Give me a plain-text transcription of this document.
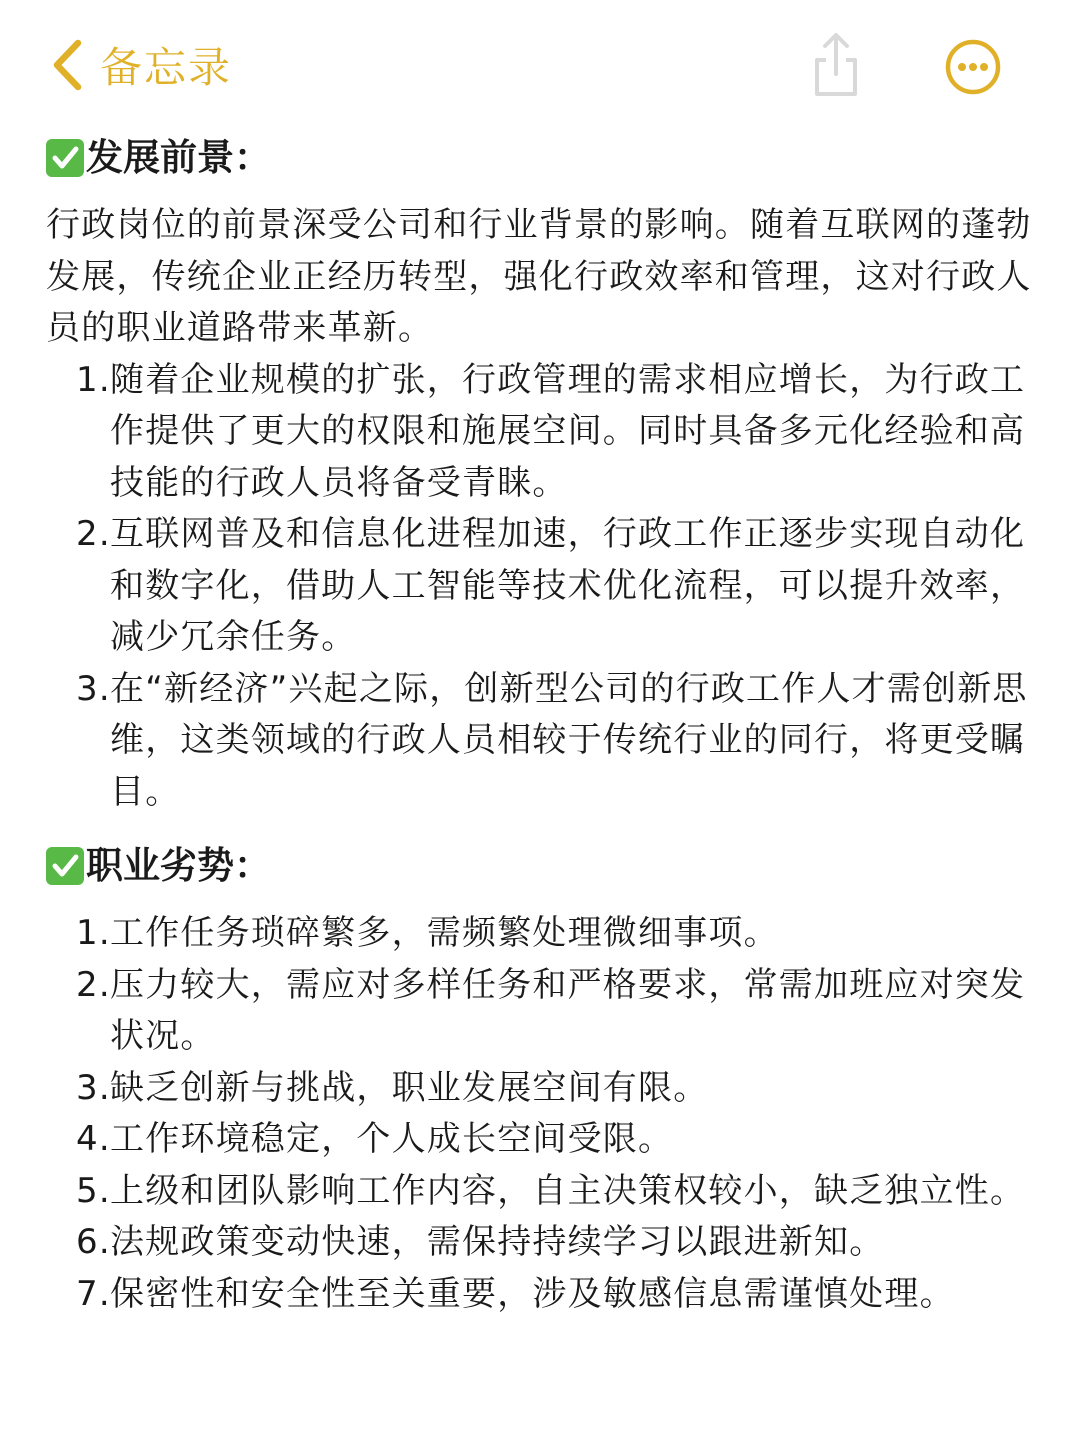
备忘录
发展前景：

行政岗位的前景深受公司和行业背景的影响。随着互联网的蓬勃发展，传统企业正经历转型，强化行政效率和管理，这对行政人员的职业道路带来革新。

1. 随着企业规模的扩张，行政管理的需求相应增长，为行政工作提供了更大的权限和施展空间。同时具备多元化经验和高技能的行政人员将备受青睐。
2. 互联网普及和信息化进程加速，行政工作正逐步实现自动化和数字化，借助人工智能等技术优化流程，可以提升效率，减少冗余任务。
3. 在“新经济”兴起之际，创新型公司的行政工作人才需创新思维，这类领域的行政人员相较于传统行业的同行，将更受瞩目。
职业劣势：
1. 工作任务琐碎繁多，需频繁处理微细事项。
2. 压力较大，需应对多样任务和严格要求，常需加班应对突发状况。
3. 缺乏创新与挑战，职业发展空间有限。
4. 工作环境稳定，个人成长空间受限。
5. 上级和团队影响工作内容，自主决策权较小，缺乏独立性。
6. 法规政策变动快速，需保持持续学习以跟进新知。
7. 保密性和安全性至关重要，涉及敏感信息需谨慎处理。
